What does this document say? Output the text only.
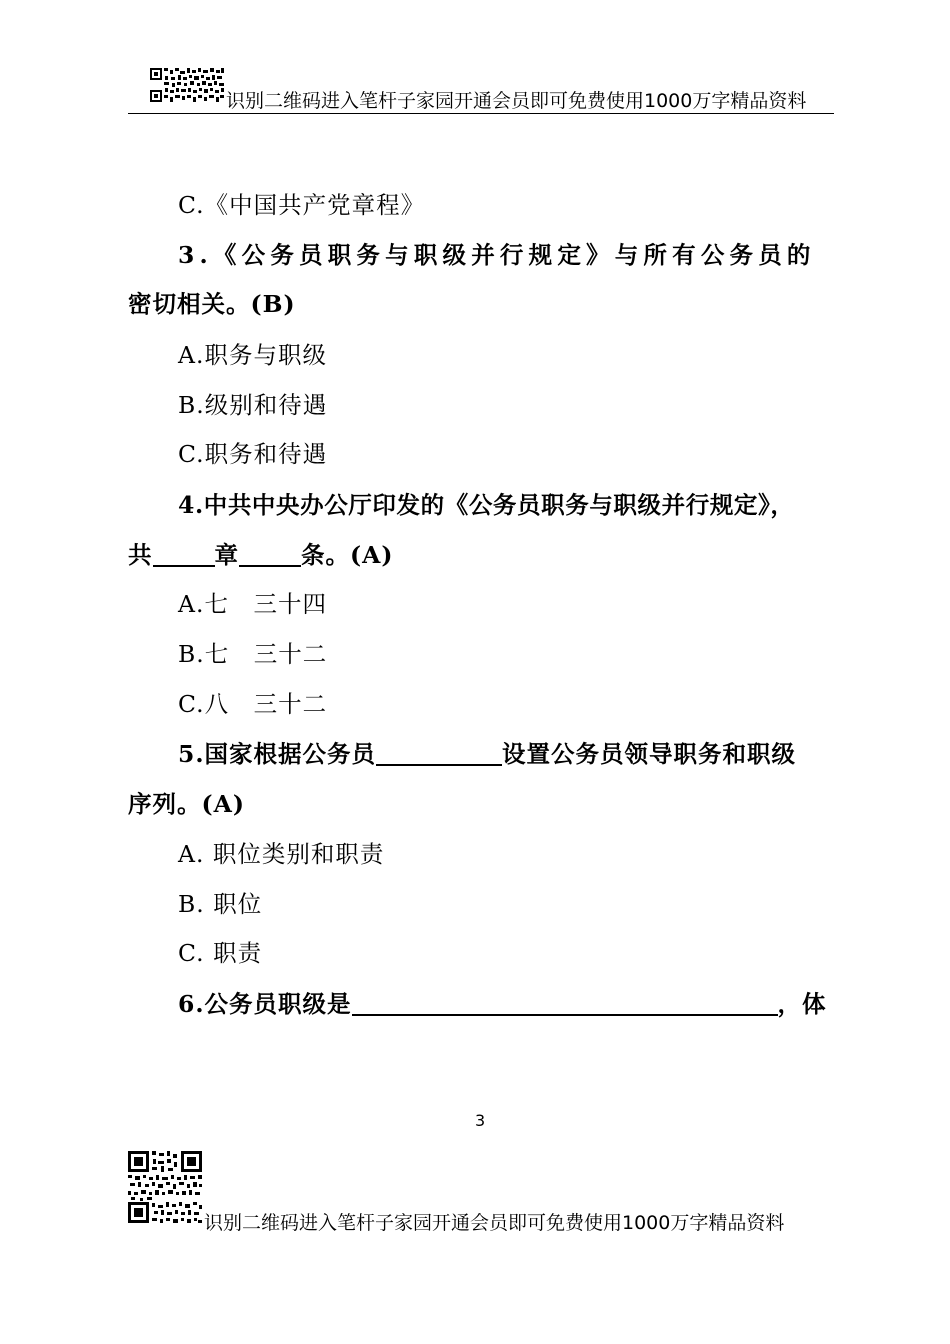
识别二维码进入笔杆子家园开通会员即可免费使用1000万字精品资料
C.《中国共产党章程》
3.《公务员职务与职级并行规定》与所有公务员的
密切相关。(B)
A.职务与职级
B.级别和待遇
C.职务和待遇
4.中共中央办公厅印发的《公务员职务与职级并行规定》，
共	章	条。(A)
A.七　三十四
B.七　三十二
C.八　三十二
5.国家根据公务员	设置公务员领导职务和职级
序列。(A)
A. 职位类别和职责
B. 职位
C. 职责
6.公务员职级是	，体
3
识别二维码进入笔杆子家园开通会员即可免费使用1000万字精品资料
